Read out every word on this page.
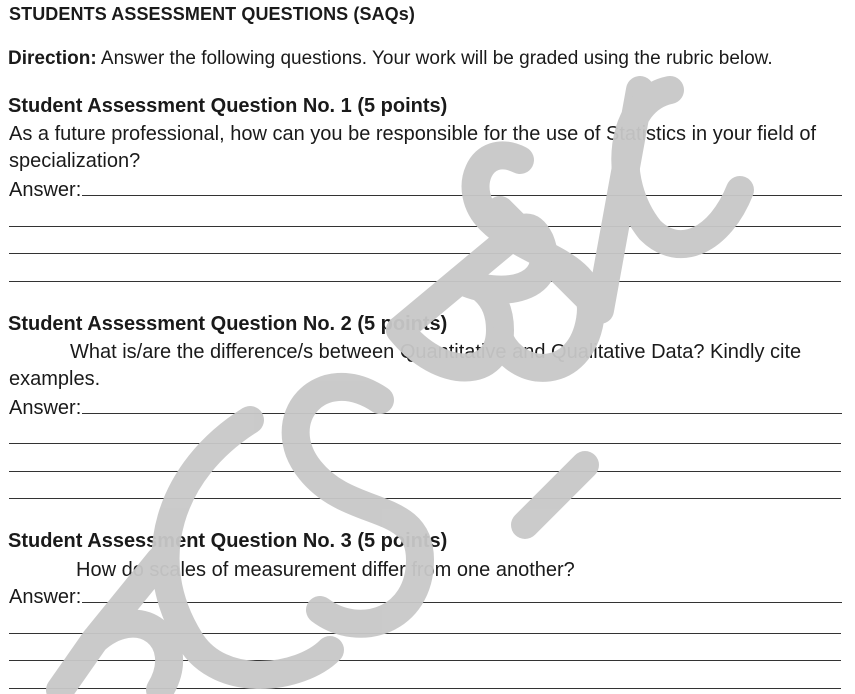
STUDENTS ASSESSMENT QUESTIONS (SAQs)
Direction: Answer the following questions. Your work will be graded using the rubric below.
Student Assessment Question No. 1 (5 points)
As a future professional, how can you be responsible for the use of Statistics in your field of specialization?
Answer:
Student Assessment Question No. 2 (5 points)
What is/are the difference/s between Quantitative and Qualitative Data? Kindly cite examples.
Answer:
Student Assessment Question No. 3 (5 points)
How do scales of measurement differ from one another?
Answer:
